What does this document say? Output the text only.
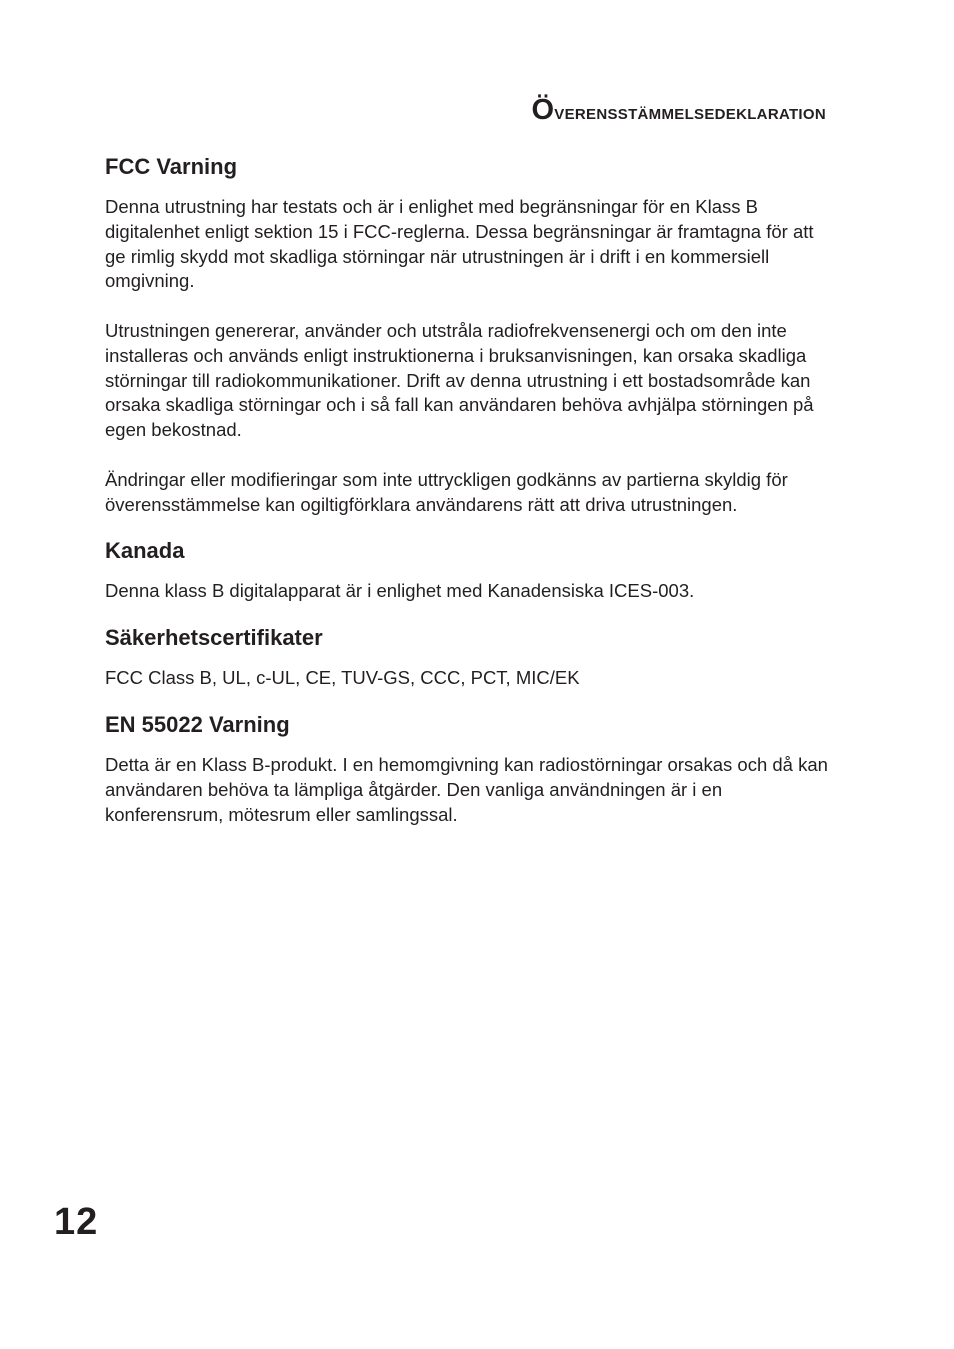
Överensstämmelsedeklaration
FCC Varning

Denna utrustning har testats och är i enlighet med begränsningar för en Klass B digitalenhet enligt sektion 15 i FCC-reglerna. Dessa begränsningar är framtagna för att ge rimlig skydd mot skadliga störningar när utrustningen är i drift i en kommersiell omgivning.

Utrustningen genererar, använder och utstråla radiofrekvensenergi och om den inte installeras och används enligt instruktionerna i bruksanvisningen, kan orsaka skadliga störningar till radiokommunikationer. Drift av denna utrustning i ett bostadsområde kan orsaka skadliga störningar och i så fall kan användaren behöva avhjälpa störningen på egen bekostnad.

Ändringar eller modifieringar som inte uttryckligen godkänns av partierna skyldig för överensstämmelse kan ogiltigförklara användarens rätt att driva utrustningen.

Kanada

Denna klass B digitalapparat är i enlighet med Kanadensiska ICES-003.

Säkerhetscertifikater

FCC Class B, UL, c-UL, CE, TUV-GS, CCC, PCT, MIC/EK

EN 55022 Varning

Detta är en Klass B-produkt. I en hemomgivning kan radiostörningar orsakas och då kan användaren behöva ta lämpliga åtgärder. Den vanliga användningen är i en konferensrum, mötesrum eller samlingssal.

12
